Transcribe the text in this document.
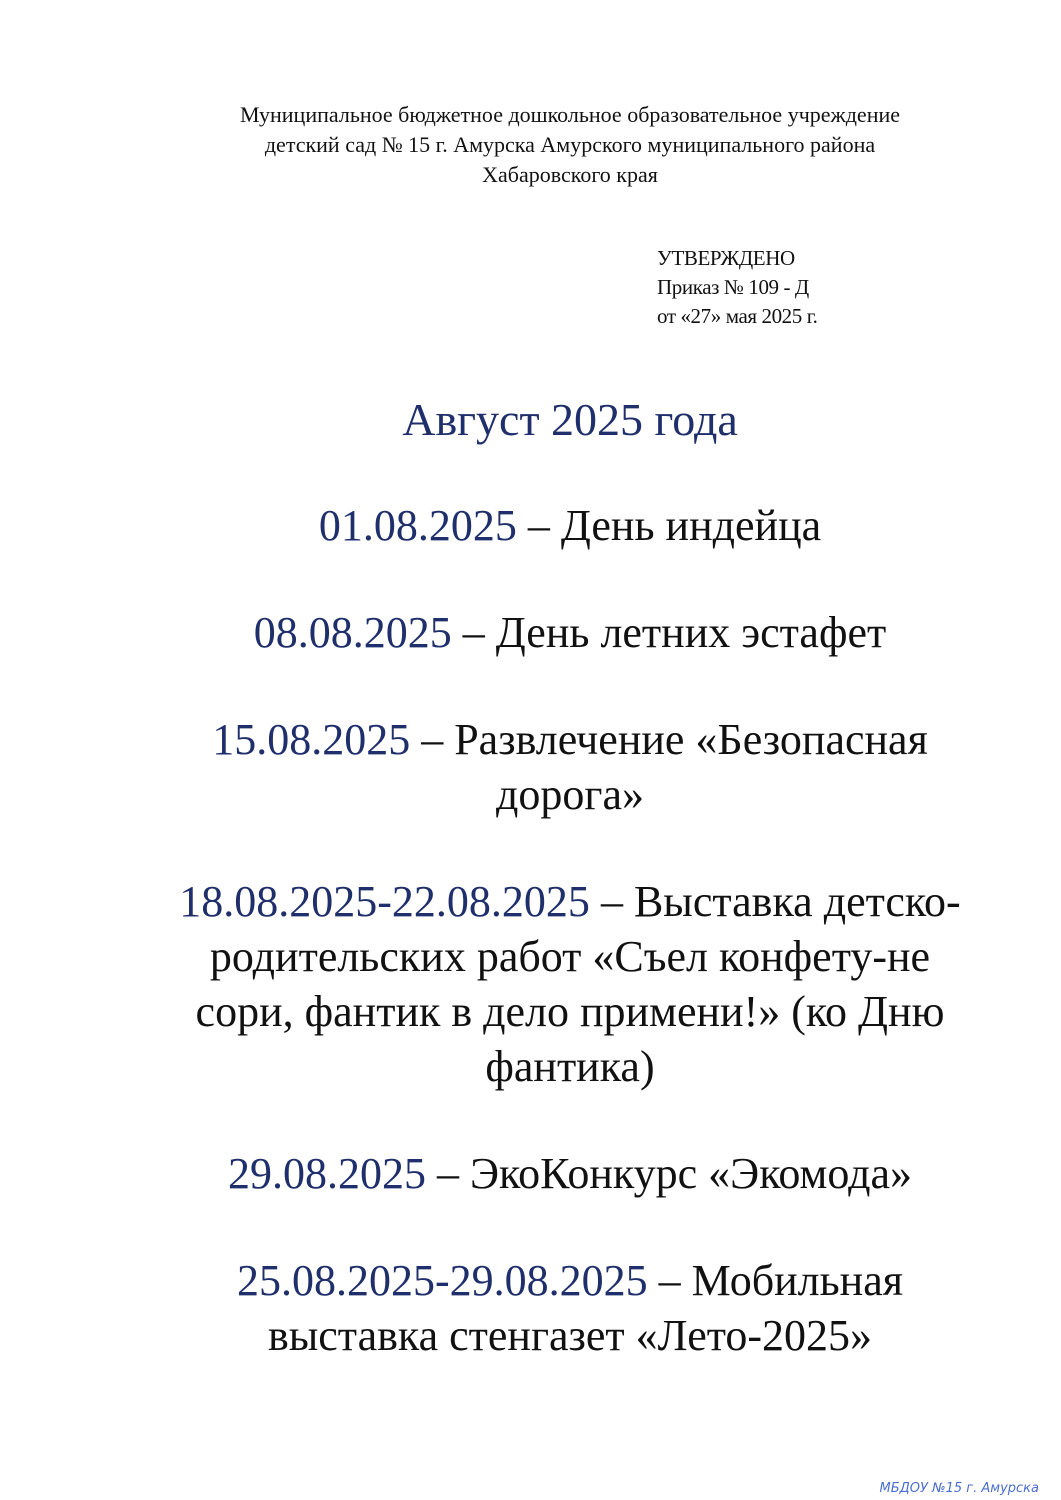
Муниципальное бюджетное дошкольное образовательное учреждение
детский сад № 15 г. Амурска Амурского муниципального района
Хабаровского края
УТВЕРЖДЕНО
Приказ № 109 - Д
от «27» мая 2025 г.
Август 2025 года
01.08.2025 – День индейца
08.08.2025 – День летних эстафет
15.08.2025 – Развлечение «Безопасная
дорога»
18.08.2025-22.08.2025 – Выставка детско-
родительских работ «Съел конфету-не
сори, фантик в дело примени!» (ко Дню
фантика)
29.08.2025 – ЭкоКонкурс «Экомода»
25.08.2025-29.08.2025 – Мобильная
выставка стенгазет «Лето-2025»
МБДОУ №15 г. Амурска
